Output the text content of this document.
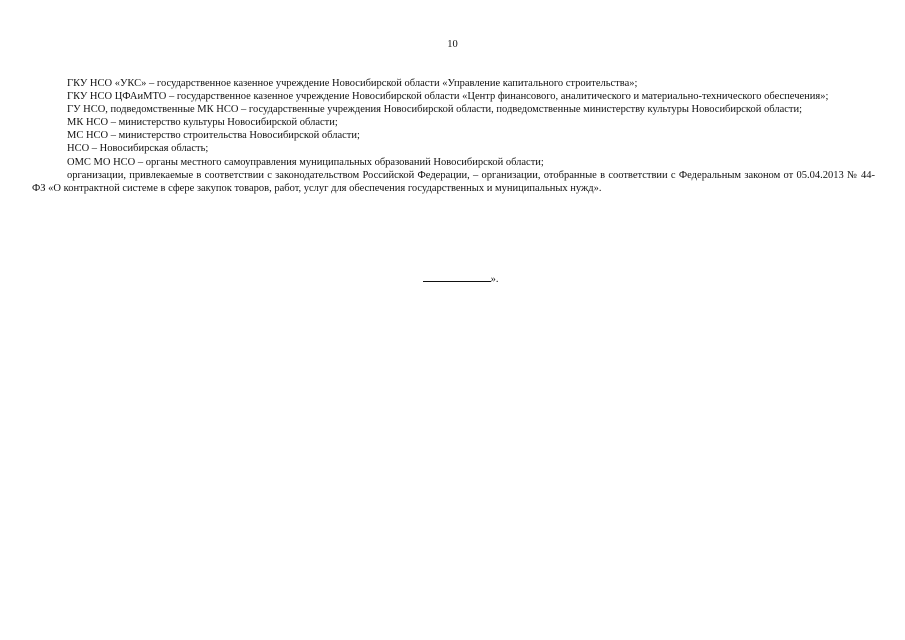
10

ГКУ НСО «УКС» – государственное казенное учреждение Новосибирской области «Управление капитального строительства»;

ГКУ НСО ЦФАиМТО – государственное казенное учреждение Новосибирской области «Центр финансового, аналитического и материально-технического обеспечения»;

ГУ НСО, подведомственные МК НСО – государственные учреждения Новосибирской области, подведомственные министерству культуры Новосибирской области;

МК НСО – министерство культуры Новосибирской области;

МС НСО – министерство строительства Новосибирской области;

НСО – Новосибирская область;

ОМС МО НСО – органы местного самоуправления муниципальных образований Новосибирской области;

организации, привлекаемые в соответствии с законодательством Российской Федерации, – организации, отобранные в соответствии с Федеральным законом от 05.04.2013 № 44-ФЗ «О контрактной системе в сфере закупок товаров, работ, услуг для обеспечения государственных и муниципальных нужд».

».
